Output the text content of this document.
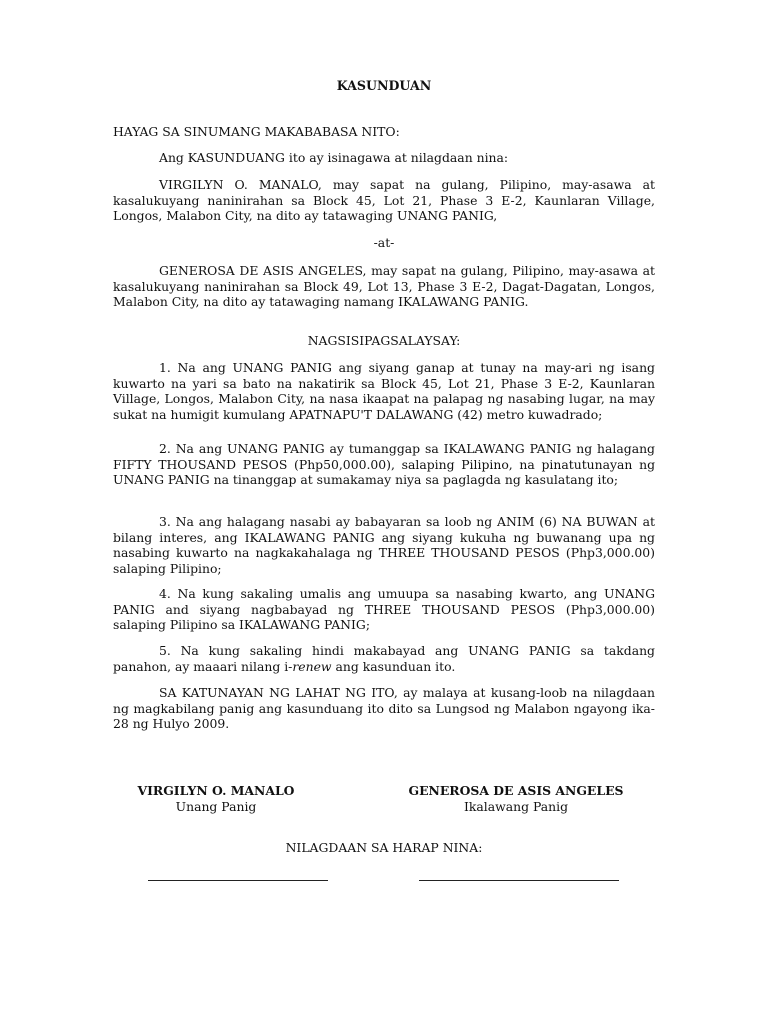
KASUNDUAN

HAYAG SA SINUMANG MAKABABASA NITO:

Ang KASUNDUANG ito ay isinagawa at nilagdaan nina:

VIRGILYN O. MANALO, may sapat na gulang, Pilipino, may-asawa at kasalukuyang naninirahan sa Block 45, Lot 21, Phase 3 E-2, Kaunlaran Village, Longos, Malabon City, na dito ay tatawaging UNANG PANIG,

-at-

GENEROSA DE ASIS ANGELES, may sapat na gulang, Pilipino, may-asawa at kasalukuyang naninirahan sa Block 49, Lot 13, Phase 3 E-2, Dagat-Dagatan, Longos, Malabon City, na dito ay tatawaging namang IKALAWANG PANIG.

NAGSISIPAGSALAYSAY:

1. Na ang UNANG PANIG ang siyang ganap at tunay na may-ari ng isang kuwarto na yari sa bato na nakatirik sa Block 45, Lot 21, Phase 3 E-2, Kaunlaran Village, Longos, Malabon City, na nasa ikaapat na palapag ng nasabing lugar, na may sukat na humigit kumulang APATNAPU'T DALAWANG (42) metro kuwadrado;

2. Na ang UNANG PANIG ay tumanggap sa IKALAWANG PANIG ng halagang FIFTY THOUSAND PESOS (Php50,000.00), salaping Pilipino, na pinatutunayan ng UNANG PANIG na tinanggap at sumakamay niya sa paglagda ng kasulatang ito;

3. Na ang halagang nasabi ay babayaran sa loob ng ANIM (6) NA BUWAN at bilang interes, ang IKALAWANG PANIG ang siyang kukuha ng buwanang upa ng nasabing kuwarto na nagkakahalaga ng THREE THOUSAND PESOS (Php3,000.00) salaping Pilipino;

4. Na kung sakaling umalis ang umuupa sa nasabing kwarto, ang UNANG PANIG and siyang nagbabayad ng THREE THOUSAND PESOS (Php3,000.00) salaping Pilipino sa IKALAWANG PANIG;

5. Na kung sakaling hindi makabayad ang UNANG PANIG sa takdang panahon, ay maaari nilang i-renew ang kasunduan ito.

SA KATUNAYAN NG LAHAT NG ITO, ay malaya at kusang-loob na nilagdaan ng magkabilang panig ang kasunduang ito dito sa Lungsod ng Malabon ngayong ika-28 ng Hulyo 2009.

VIRGILYN O. MANALO
Unang Panig
GENEROSA DE ASIS ANGELES
Ikalawang Panig
NILAGDAAN SA HARAP NINA:
